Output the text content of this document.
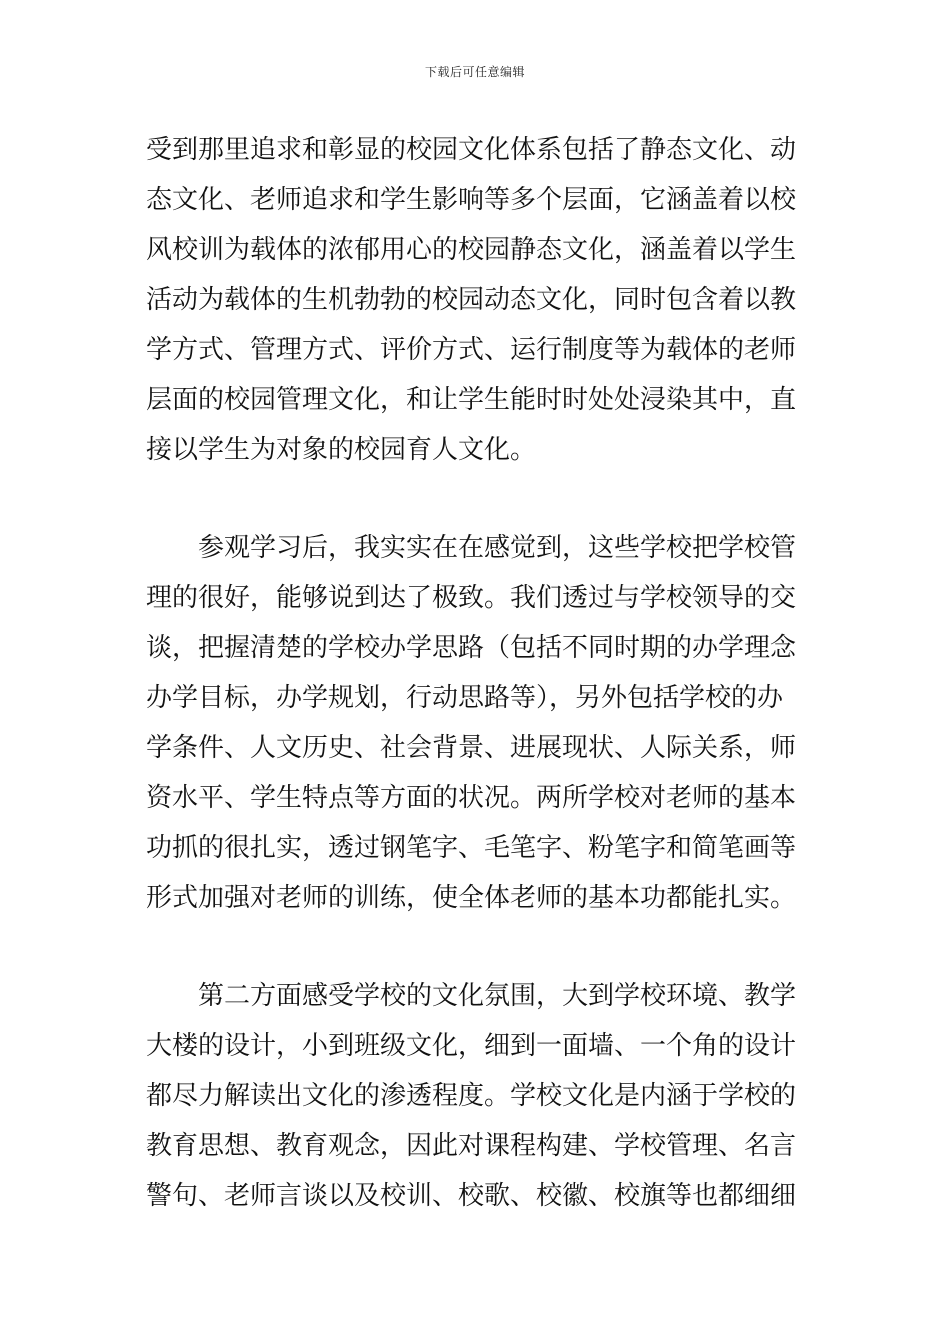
下载后可任意编辑
受到那里追求和彰显的校园文化体系包括了静态文化、动
态文化、老师追求和学生影响等多个层面，它涵盖着以校
风校训为载体的浓郁用心的校园静态文化，涵盖着以学生
活动为载体的生机勃勃的校园动态文化，同时包含着以教
学方式、管理方式、评价方式、运行制度等为载体的老师
层面的校园管理文化，和让学生能时时处处浸染其中，直
接以学生为对象的校园育人文化。
参观学习后，我实实在在感觉到，这些学校把学校管
理的很好，能够说到达了极致。我们透过与学校领导的交
谈，把握清楚的学校办学思路（包括不同时期的办学理念
办学目标，办学规划，行动思路等），另外包括学校的办
学条件、人文历史、社会背景、进展现状、人际关系，师
资水平、学生特点等方面的状况。两所学校对老师的基本
功抓的很扎实，透过钢笔字、毛笔字、粉笔字和简笔画等
形式加强对老师的训练，使全体老师的基本功都能扎实。
第二方面感受学校的文化氛围，大到学校环境、教学
大楼的设计，小到班级文化，细到一面墙、一个角的设计
都尽力解读出文化的渗透程度。学校文化是内涵于学校的
教育思想、教育观念，因此对课程构建、学校管理、名言
警句、老师言谈以及校训、校歌、校徽、校旗等也都细细
